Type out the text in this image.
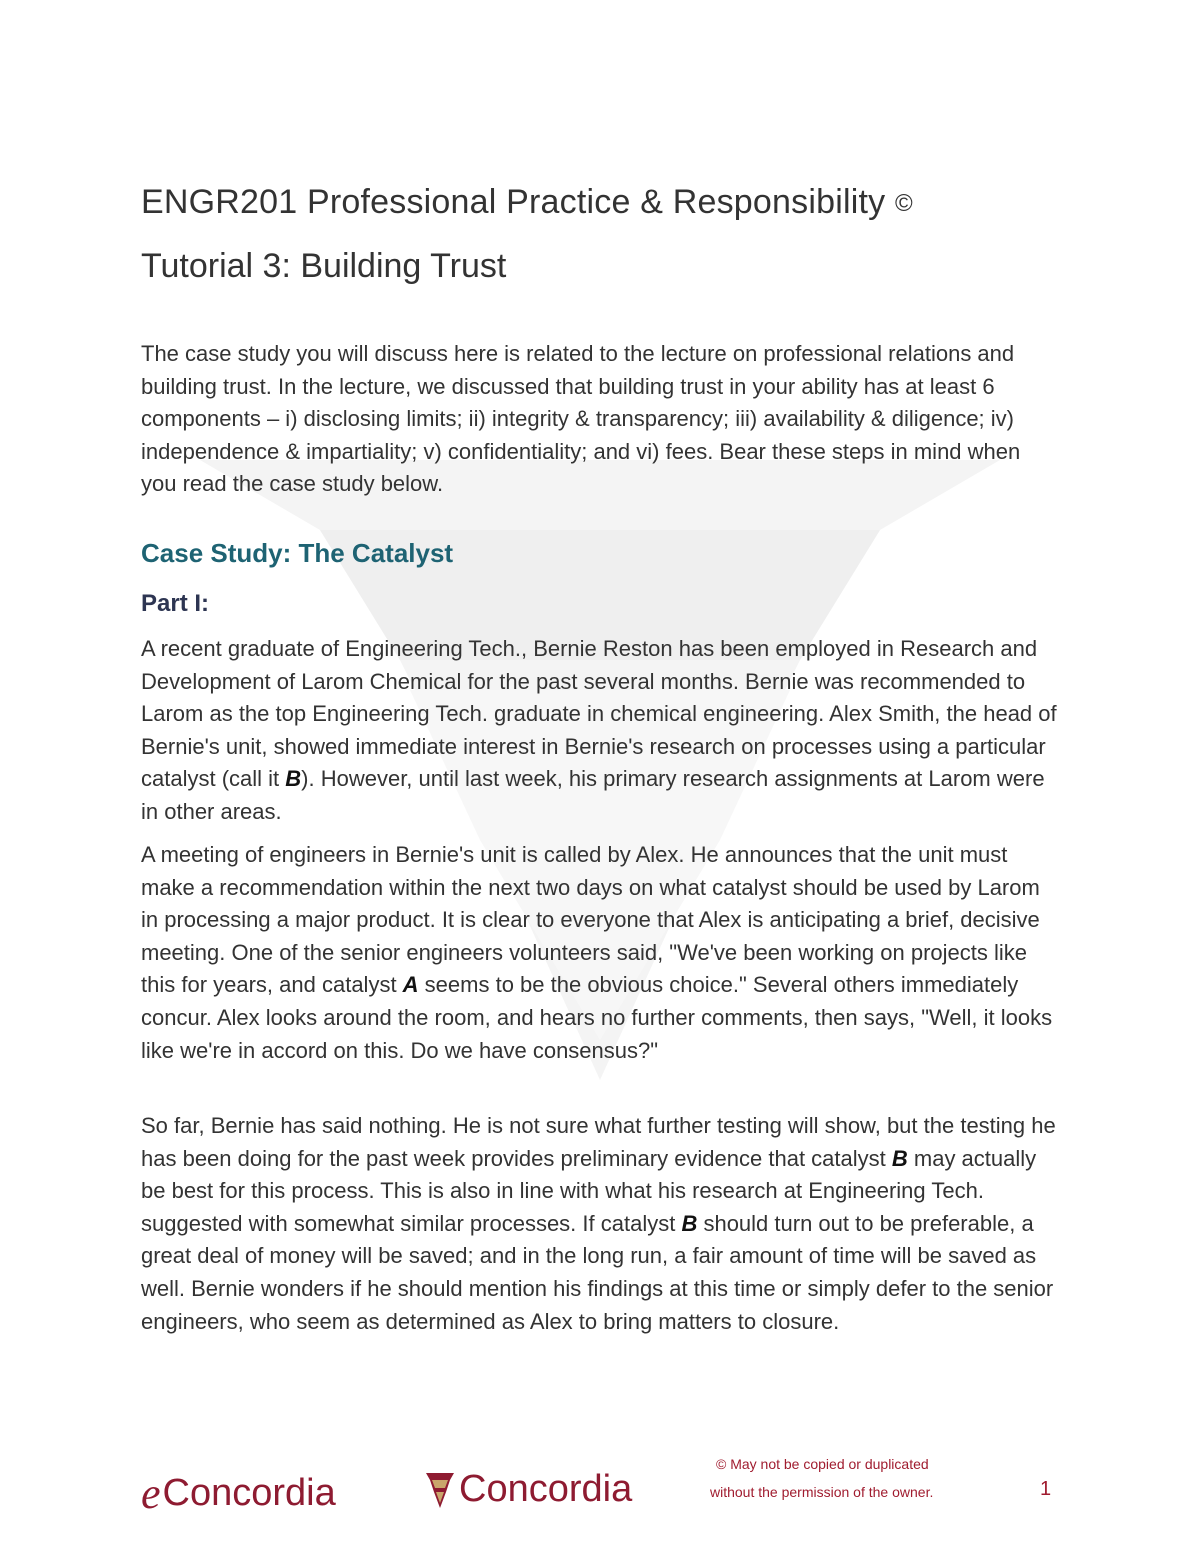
ENGR201 Professional Practice & Responsibility ©
Tutorial 3: Building Trust

The case study you will discuss here is related to the lecture on professional relations and building trust. In the lecture, we discussed that building trust in your ability has at least 6 components – i) disclosing limits; ii) integrity & transparency; iii) availability & diligence; iv) independence & impartiality; v) confidentiality; and vi) fees. Bear these steps in mind when you read the case study below.

Case Study: The Catalyst
Part I:

A recent graduate of Engineering Tech., Bernie Reston has been employed in Research and Development of Larom Chemical for the past several months. Bernie was recommended to Larom as the top Engineering Tech. graduate in chemical engineering. Alex Smith, the head of Bernie's unit, showed immediate interest in Bernie's research on processes using a particular catalyst (call it B). However, until last week, his primary research assignments at Larom were in other areas.

A meeting of engineers in Bernie's unit is called by Alex. He announces that the unit must make a recommendation within the next two days on what catalyst should be used by Larom in processing a major product. It is clear to everyone that Alex is anticipating a brief, decisive meeting. One of the senior engineers volunteers said, "We've been working on projects like this for years, and catalyst A seems to be the obvious choice." Several others immediately concur. Alex looks around the room, and hears no further comments, then says, "Well, it looks like we're in accord on this. Do we have consensus?"

So far, Bernie has said nothing. He is not sure what further testing will show, but the testing he has been doing for the past week provides preliminary evidence that catalyst B may actually be best for this process. This is also in line with what his research at Engineering Tech. suggested with somewhat similar processes. If catalyst B should turn out to be preferable, a great deal of money will be saved; and in the long run, a fair amount of time will be saved as well. Bernie wonders if he should mention his findings at this time or simply defer to the senior engineers, who seem as determined as Alex to bring matters to closure.

e Concordia	Concordia
© May not be copied or duplicated
without the permission of the owner.	1
